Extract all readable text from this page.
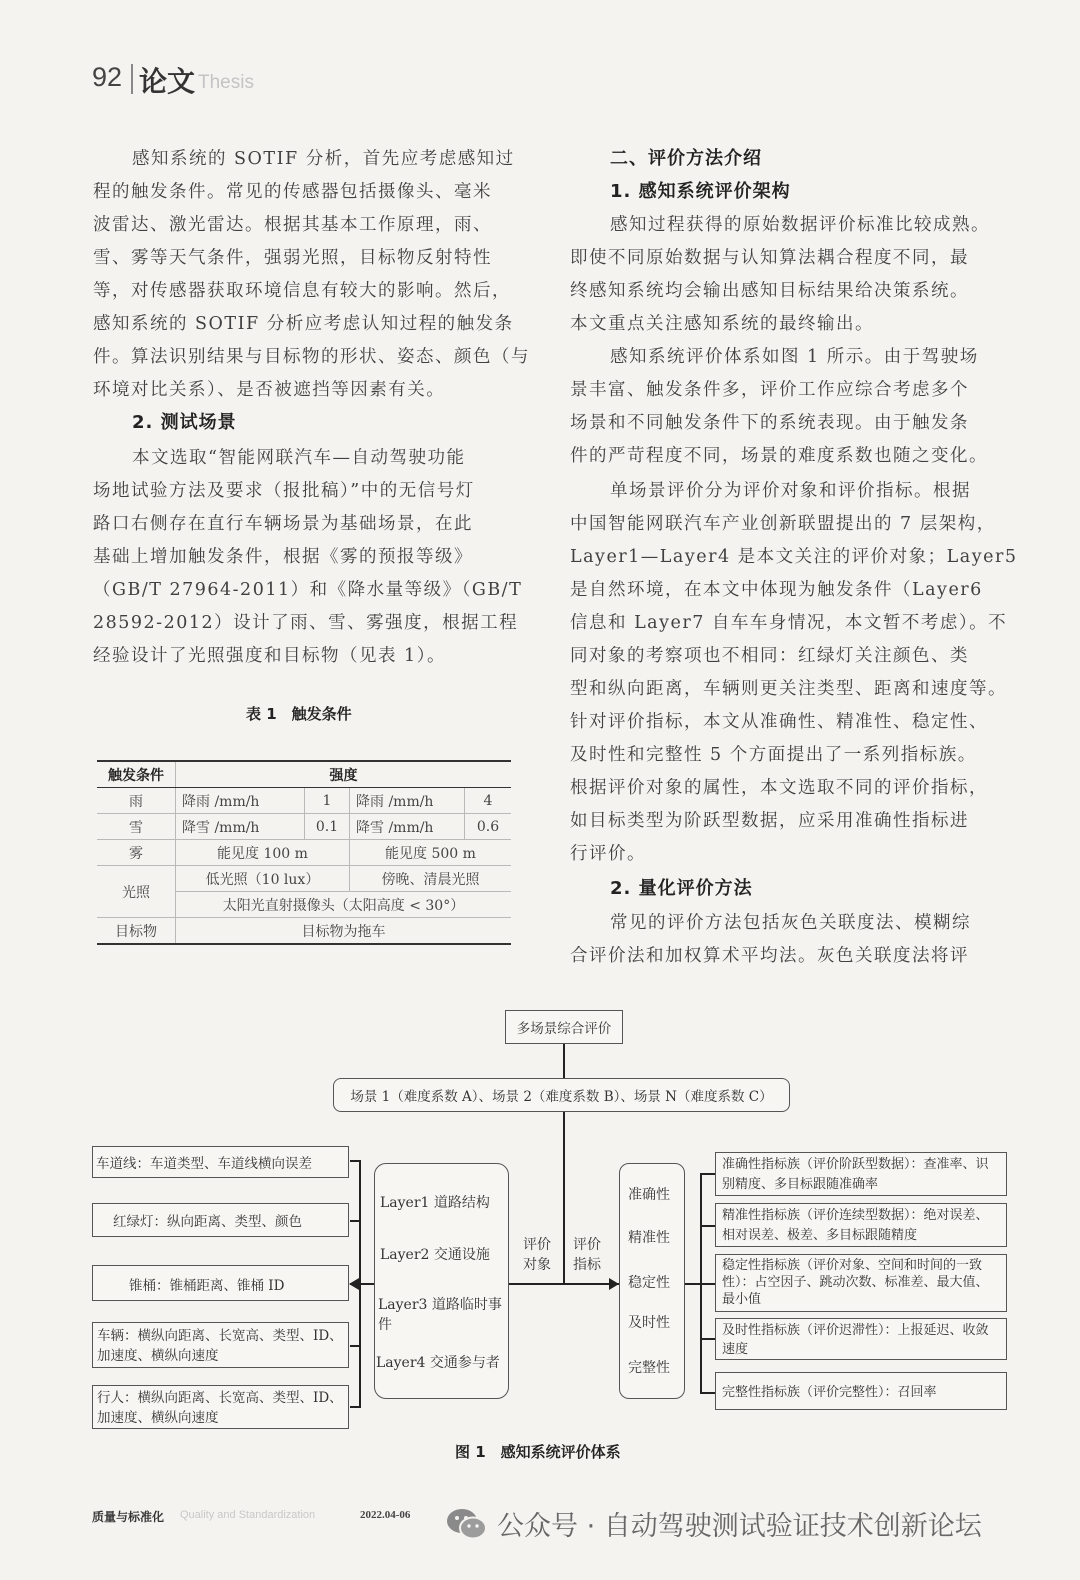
92 论文 Thesis
感知系统的 SOTIF 分析，首先应考虑感知过
程的触发条件。常见的传感器包括摄像头、毫米
波雷达、激光雷达。根据其基本工作原理，雨、
雪、雾等天气条件，强弱光照，目标物反射特性
等，对传感器获取环境信息有较大的影响。然后，
感知系统的 SOTIF 分析应考虑认知过程的触发条
件。算法识别结果与目标物的形状、姿态、颜色（与
环境对比关系）、是否被遮挡等因素有关。
2. 测试场景
本文选取“智能网联汽车—自动驾驶功能
场地试验方法及要求（报批稿）”中的无信号灯
路口右侧存在直行车辆场景为基础场景，在此
基础上增加触发条件，根据《雾的预报等级》
（GB/T 27964-2011）和《降水量等级》（GB/T
28592-2012）设计了雨、雪、雾强度，根据工程
经验设计了光照强度和目标物（见表 1）。
表 1　触发条件
触发条件	强度			
雨	降雨 /mm/h	1	降雨 /mm/h	4
雪	降雪 /mm/h	0.1	降雪 /mm/h	0.6
雾	能见度 100 m		能见度 500 m	
光照	低光照（10 lux）		傍晚、清晨光照	
	太阳光直射摄像头（太阳高度 < 30°）			
目标物	目标物为拖车			
二、评价方法介绍
1. 感知系统评价架构
感知过程获得的原始数据评价标准比较成熟。
即使不同原始数据与认知算法耦合程度不同，最
终感知系统均会输出感知目标结果给决策系统。
本文重点关注感知系统的最终输出。
感知系统评价体系如图 1 所示。由于驾驶场
景丰富、触发条件多，评价工作应综合考虑多个
场景和不同触发条件下的系统表现。由于触发条
件的严苛程度不同，场景的难度系数也随之变化。
单场景评价分为评价对象和评价指标。根据
中国智能网联汽车产业创新联盟提出的 7 层架构，
Layer1—Layer4 是本文关注的评价对象；Layer5
是自然环境，在本文中体现为触发条件（Layer6
信息和 Layer7 自车车身情况，本文暂不考虑）。不
同对象的考察项也不相同：红绿灯关注颜色、类
型和纵向距离，车辆则更关注类型、距离和速度等。
针对评价指标，本文从准确性、精准性、稳定性、
及时性和完整性 5 个方面提出了一系列指标族。
根据评价对象的属性，本文选取不同的评价指标，
如目标类型为阶跃型数据，应采用准确性指标进
行评价。
2. 量化评价方法
常见的评价方法包括灰色关联度法、模糊综
合评价法和加权算术平均法。灰色关联度法将评
多场景综合评价
场景 1（难度系数 A）、场景 2（难度系数 B）、场景 N（难度系数 C）
车道线：车道类型、车道线横向误差
红绿灯：纵向距离、类型、颜色
锥桶：锥桶距离、锥桶 ID
车辆：横纵向距离、长宽高、类型、ID、加速度、横纵向速度
行人：横纵向距离、长宽高、类型、ID、加速度、横纵向速度
Layer1 道路结构
Layer2 交通设施
Layer3 道路临时事件
Layer4 交通参与者
评价对象
评价指标
准确性
精准性
稳定性
及时性
完整性
准确性指标族（评价阶跃型数据）：查准率、识别精度、多目标跟随准确率
精准性指标族（评价连续型数据）：绝对误差、相对误差、极差、多目标跟随精度
稳定性指标族（评价对象、空间和时间的一致性）：占空因子、跳动次数、标准差、最大值、最小值
及时性指标族（评价迟滞性）：上报延迟、收敛速度
完整性指标族（评价完整性）：召回率
图 1　感知系统评价体系
质量与标准化 Quality and Standardization	2022.04-06	公众号 · 自动驾驶测试验证技术创新论坛
